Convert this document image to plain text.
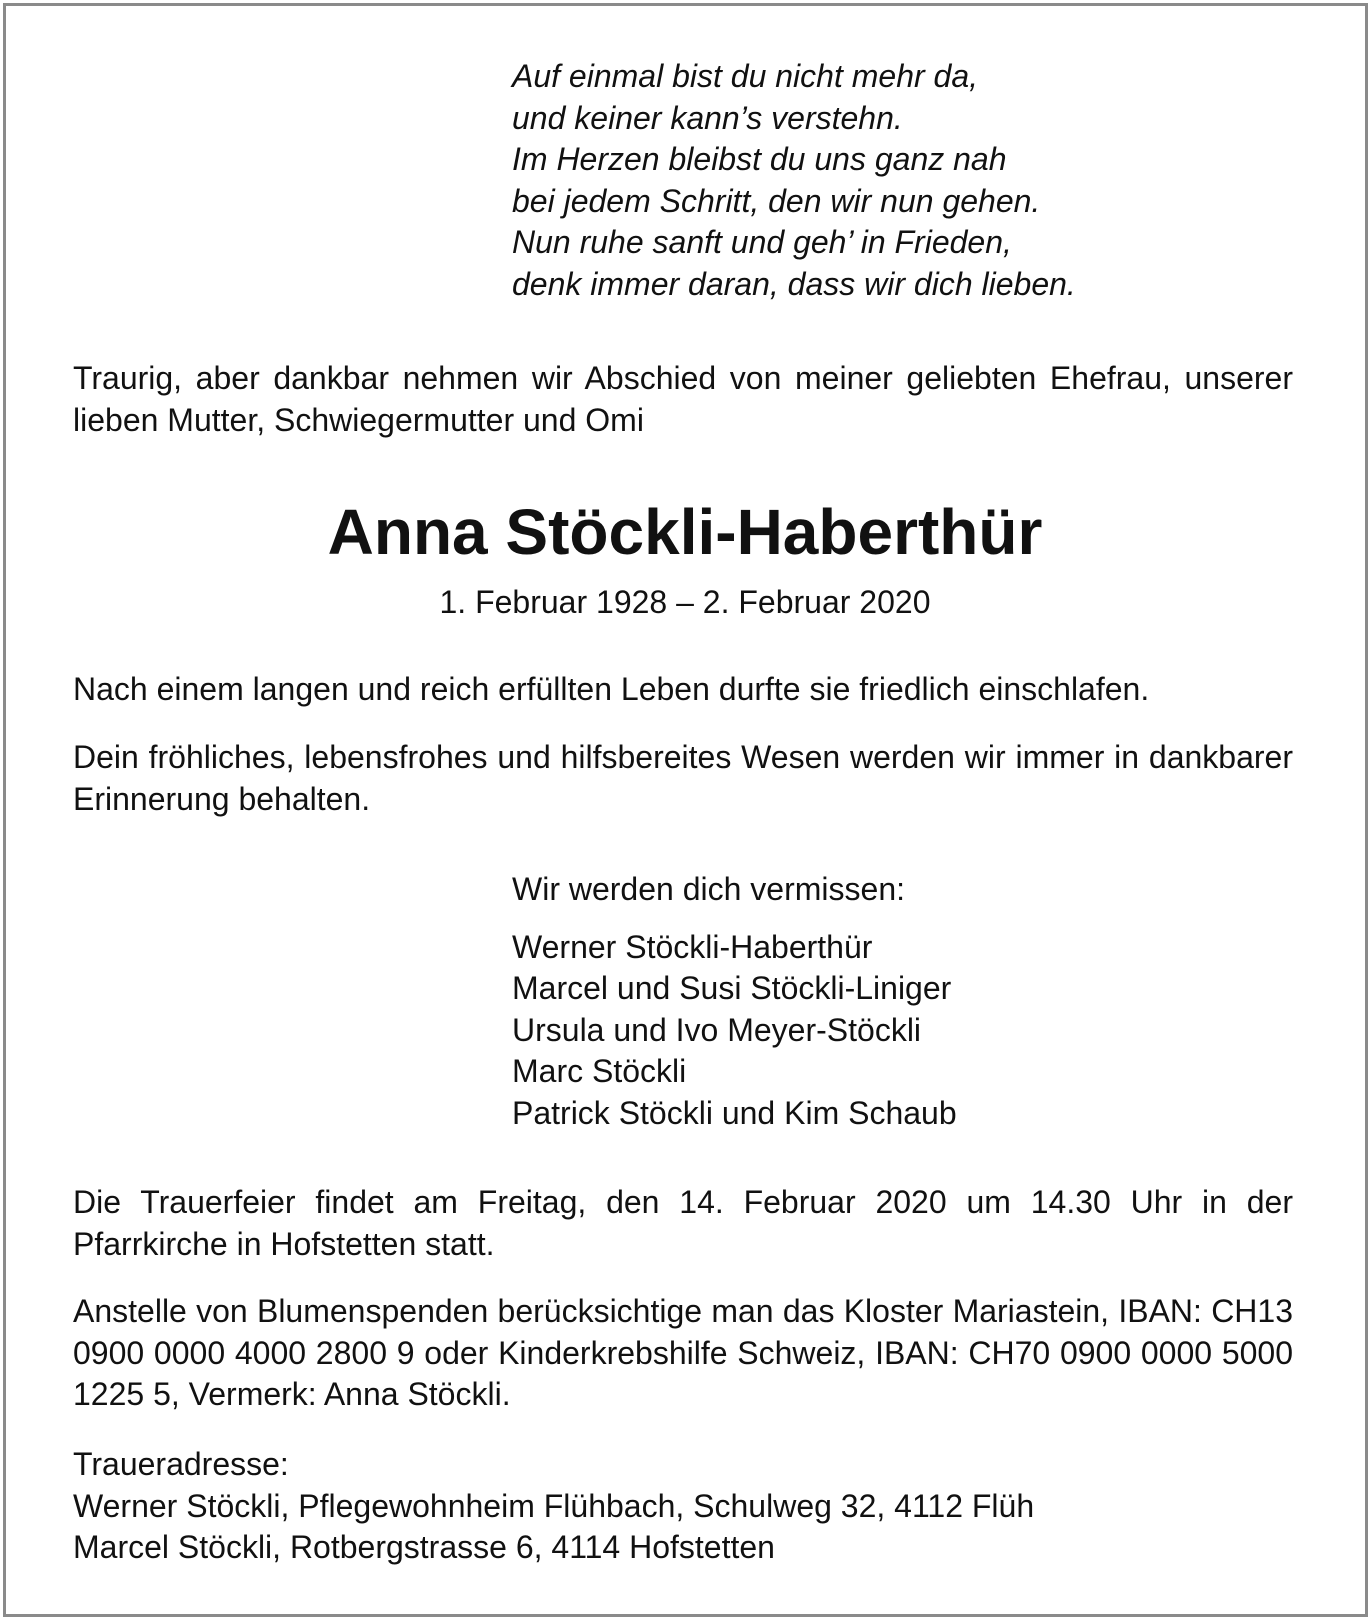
Auf einmal bist du nicht mehr da,
und keiner kann’s verstehn.
Im Herzen bleibst du uns ganz nah
bei jedem Schritt, den wir nun gehen.
Nun ruhe sanft und geh’ in Frieden,
denk immer daran, dass wir dich lieben.
Traurig, aber dankbar nehmen wir Abschied von meiner geliebten Ehefrau, unserer lieben Mutter, Schwiegermutter und Omi
Anna Stöckli-Haberthür
1. Februar 1928 – 2. Februar 2020
Nach einem langen und reich erfüllten Leben durfte sie friedlich einschlafen.
Dein fröhliches, lebensfrohes und hilfsbereites Wesen werden wir immer in dankbarer Erinnerung behalten.
Wir werden dich vermissen:
Werner Stöckli-Haberthür
Marcel und Susi Stöckli-Liniger
Ursula und Ivo Meyer-Stöckli
Marc Stöckli
Patrick Stöckli und Kim Schaub
Die Trauerfeier findet am Freitag, den 14. Februar 2020 um 14.30 Uhr in der Pfarrkirche in Hofstetten statt.
Anstelle von Blumenspenden berücksichtige man das Kloster Mariastein, IBAN: CH13 0900 0000 4000 2800 9 oder Kinderkrebshilfe Schweiz, IBAN: CH70 0900 0000 5000 1225 5, Vermerk: Anna Stöckli.
Traueradresse:
Werner Stöckli, Pflegewohnheim Flühbach, Schulweg 32, 4112 Flüh
Marcel Stöckli, Rotbergstrasse 6, 4114 Hofstetten
